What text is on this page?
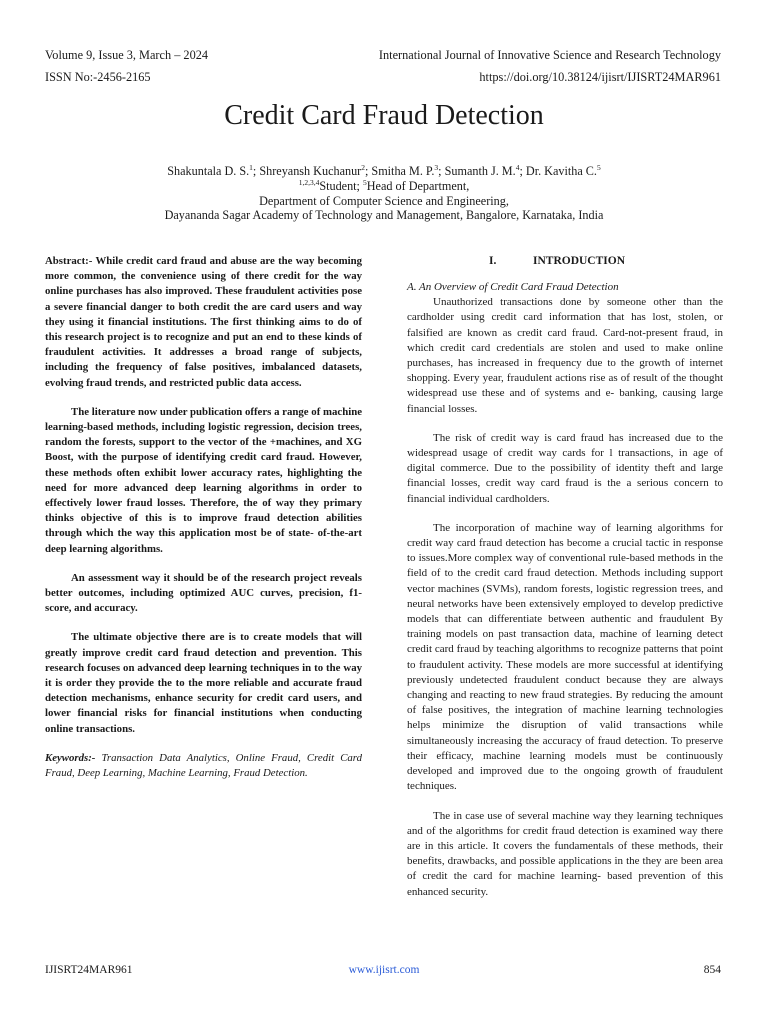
Volume 9, Issue 3, March – 2024
ISSN No:-2456-2165
International Journal of Innovative Science and Research Technology
https://doi.org/10.38124/ijisrt/IJISRT24MAR961
Credit Card Fraud Detection
Shakuntala D. S.$^1$; Shreyansh Kuchanur$^2$; Smitha M. P.$^3$; Sumanth J. M.$^4$; Dr. Kavitha C.$^5$
$^{1,2,3,4}$Student; $^5$Head of Department,
Department of Computer Science and Engineering,
Dayananda Sagar Academy of Technology and Management, Bangalore, Karnataka, India

Abstract:- While credit card fraud and abuse are the way becoming more common, the convenience using of there credit for the way online purchases has also improved. These fraudulent activities pose a severe financial danger to both credit the are card users and way they using it financial institutions. The first thinking aims to do of this research project is to recognize and put an end to these kinds of fraudulent activities. It addresses a broad range of subjects, including the frequency of false positives, imbalanced datasets, evolving fraud trends, and restricted public data access.

The literature now under publication offers a range of machine learning-based methods, including logistic regression, decision trees, random the forests, support to the vector of the +machines, and XG Boost, with the purpose of identifying credit card fraud. However, these methods often exhibit lower accuracy rates, highlighting the need for more advanced deep learning algorithms in order to effectively lower fraud losses. Therefore, the of way they primary thinks objective of this is to improve fraud detection abilities through which the way this application most be of state- of-the-art deep learning algorithms.

An assessment way it should be of the research project reveals better outcomes, including optimized AUC curves, precision, f1- score, and accuracy.

The ultimate objective there are is to create models that will greatly improve credit card fraud detection and prevention. This research focuses on advanced deep learning techniques in to the way it is order they provide the to the more reliable and accurate fraud detection mechanisms, enhance security for credit card users, and lower financial risks for financial institutions when conducting online transactions.

Keywords:- Transaction Data Analytics, Online Fraud, Credit Card Fraud, Deep Learning, Machine Learning, Fraud Detection.

I.	INTRODUCTION
A. An Overview of Credit Card Fraud Detection

Unauthorized transactions done by someone other than the cardholder using credit card information that has lost, stolen, or falsified are known as credit card fraud. Card-not-present fraud, in which credit card credentials are stolen and used to make online purchases, has increased in frequency due to the growth of internet shopping. Every year, fraudulent actions rise as of result of the thought widespread use these and of systems and e- banking, causing large financial losses.

The risk of credit way is card fraud has increased due to the widespread usage of credit way cards for l transactions, in age of digital commerce. Due to the possibility of identity theft and large financial losses, credit way card fraud is the a serious concern to financial individual cardholders.

The incorporation of machine way of learning algorithms for credit way card fraud detection has become a crucial tactic in response to issues.More complex way of conventional rule-based methods in the field of to the credit card fraud detection. Methods including support vector machines (SVMs), random forests, logistic regression trees, and neural networks have been extensively employed to develop predictive models that can differentiate between authentic and fraudulent By training models on past transaction data, machine of learning detect credit card fraud by teaching algorithms to recognize patterns that point to fraudulent activity. These models are more successful at identifying previously undetected fraudulent conduct because they are always changing and reacting to new fraud strategies. By reducing the amount of false positives, the integration of machine learning technologies helps minimize the disruption of valid transactions while simultaneously increasing the accuracy of fraud detection. To preserve their efficacy, machine learning models must be continuously developed and improved due to the ongoing growth of fraudulent techniques.

The in case use of several machine way they learning techniques and of the algorithms for credit fraud detection is examined way there are in this article. It covers the fundamentals of these methods, their benefits, drawbacks, and possible applications in the they are been area of credit the card for machine learning- based prevention of this enhanced security.

IJISRT24MAR961	www.ijisrt.com	854
